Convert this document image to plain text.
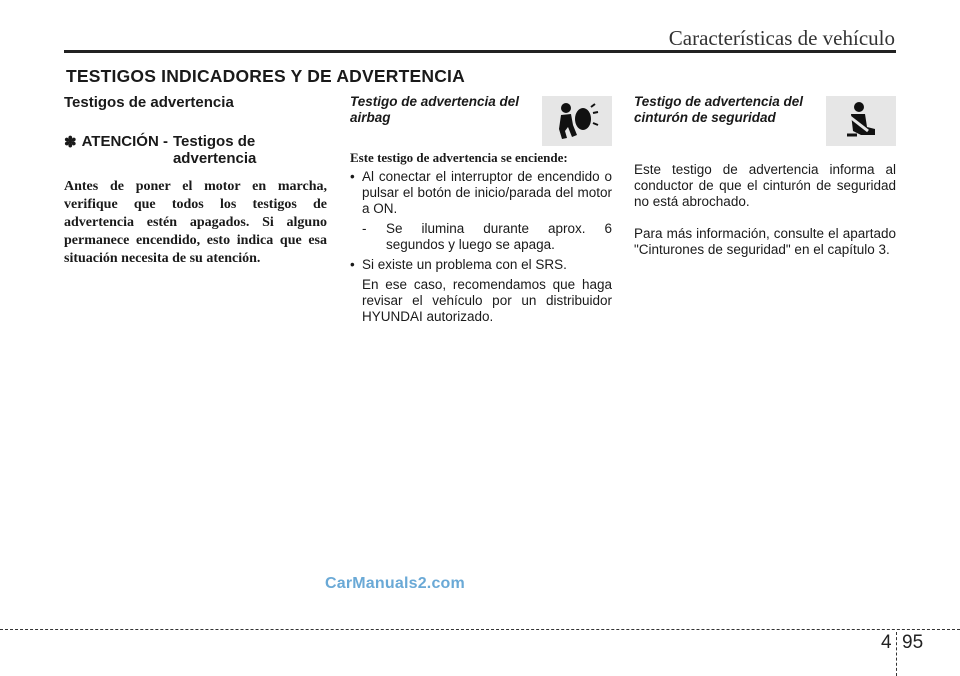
Características de vehículo
TESTIGOS INDICADORES Y DE ADVERTENCIA

Testigos de advertencia

✽ ATENCIÓN - Testigos de advertencia

Antes de poner el motor en marcha, verifique que todos los testigos de advertencia estén apagados. Si alguno permanece encendido, esto indica que esa situación necesita de su atención.

Testigo de advertencia del airbag

Este testigo de advertencia se enciende:

• Al conectar el interruptor de encendido o pulsar el botón de inicio/parada del motor a ON.
- Se ilumina durante aprox. 6 segundos y luego se apaga.
• Si existe un problema con el SRS.

En ese caso, recomendamos que haga revisar el vehículo por un distribuidor HYUNDAI autorizado.

Testigo de advertencia del cinturón de seguridad

Este testigo de advertencia informa al conductor de que el cinturón de seguridad no está abrochado.

Para más información, consulte el apartado "Cinturones de seguridad" en el capítulo 3.

CarManuals2.com
4 95
